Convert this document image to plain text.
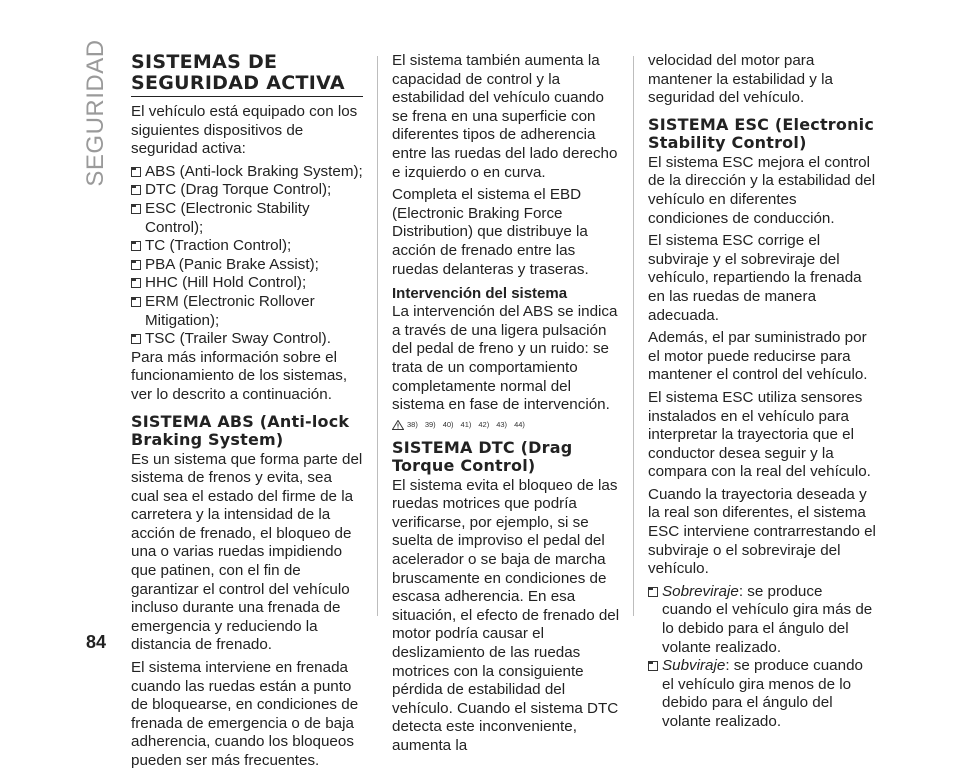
SEGURIDAD
84
SISTEMAS DE
SEGURIDAD ACTIVA

El vehículo está equipado con los siguientes dispositivos de seguridad activa:

ABS (Anti-lock Braking System);
DTC (Drag Torque Control);
ESC (Electronic Stability Control);
TC (Traction Control);
PBA (Panic Brake Assist);
HHC (Hill Hold Control);
ERM (Electronic Rollover Mitigation);
TSC (Trailer Sway Control).

Para más información sobre el funcionamiento de los sistemas, ver lo descrito a continuación.

SISTEMA ABS (Anti-lock Braking System)

Es un sistema que forma parte del sistema de frenos y evita, sea cual sea el estado del firme de la carretera y la intensidad de la acción de frenado, el bloqueo de una o varias ruedas impidiendo que patinen, con el fin de garantizar el control del vehículo incluso durante una frenada de emergencia y reduciendo la distancia de frenado.

El sistema interviene en frenada cuando las ruedas están a punto de bloquearse, en condiciones de frenada de emergencia o de baja adherencia, cuando los bloqueos pueden ser más frecuentes.

El sistema también aumenta la capacidad de control y la estabilidad del vehículo cuando se frena en una superficie con diferentes tipos de adherencia entre las ruedas del lado derecho e izquierdo o en curva.

Completa el sistema el EBD (Electronic Braking Force Distribution) que distribuye la acción de frenado entre las ruedas delanteras y traseras.

Intervención del sistema

La intervención del ABS se indica a través de una ligera pulsación del pedal de freno y un ruido: se trata de un comportamiento completamente normal del sistema en fase de intervención.

38) 39) 40) 41) 42) 43) 44)
SISTEMA DTC (Drag Torque Control)

El sistema evita el bloqueo de las ruedas motrices que podría verificarse, por ejemplo, si se suelta de improviso el pedal del acelerador o se baja de marcha bruscamente en condiciones de escasa adherencia. En esa situación, el efecto de frenado del motor podría causar el deslizamiento de las ruedas motrices con la consiguiente pérdida de estabilidad del vehículo. Cuando el sistema DTC detecta este inconveniente, aumenta la

velocidad del motor para mantener la estabilidad y la seguridad del vehículo.

SISTEMA ESC (Electronic Stability Control)

El sistema ESC mejora el control de la dirección y la estabilidad del vehículo en diferentes condiciones de conducción.

El sistema ESC corrige el subviraje y el sobreviraje del vehículo, repartiendo la frenada en las ruedas de manera adecuada.

Además, el par suministrado por el motor puede reducirse para mantener el control del vehículo.

El sistema ESC utiliza sensores instalados en el vehículo para interpretar la trayectoria que el conductor desea seguir y la compara con la real del vehículo.

Cuando la trayectoria deseada y la real son diferentes, el sistema ESC interviene contrarrestando el subviraje o el sobreviraje del vehículo.

Sobreviraje: se produce cuando el vehículo gira más de lo debido para el ángulo del volante realizado.
Subviraje: se produce cuando el vehículo gira menos de lo debido para el ángulo del volante realizado.
